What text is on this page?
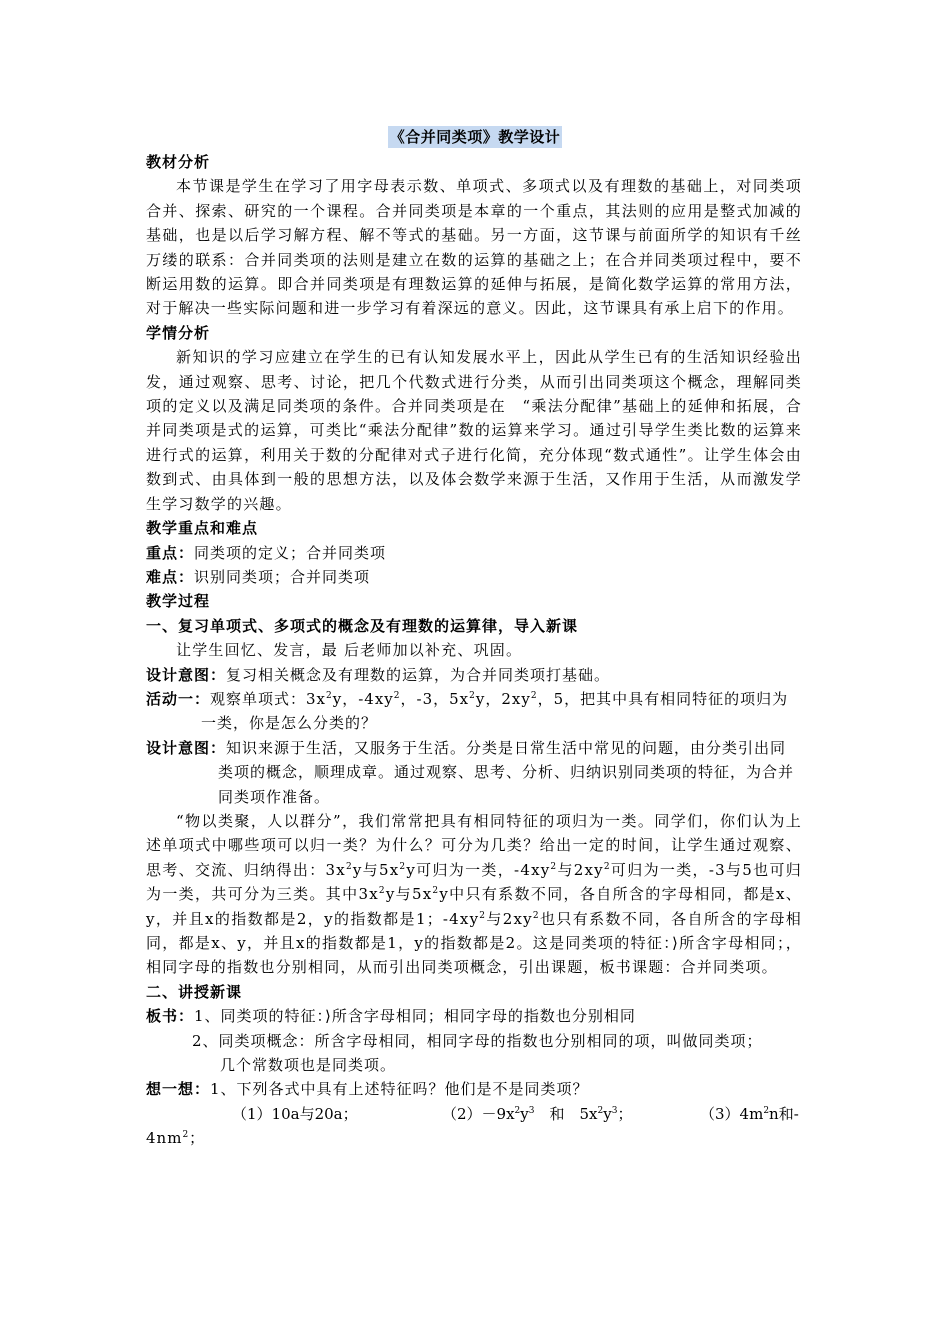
《合并同类项》教学设计
教材分析
本节课是学生在学习了用字母表示数、单项式、多项式以及有理数的基础上，对同类项合并、探索、研究的一个课程。合并同类项是本章的一个重点，其法则的应用是整式加减的基础，也是以后学习解方程、解不等式的基础。另一方面，这节课与前面所学的知识有千丝万缕的联系：合并同类项的法则是建立在数的运算的基础之上；在合并同类项过程中，要不断运用数的运算。即合并同类项是有理数运算的延伸与拓展，是简化数学运算的常用方法，对于解决一些实际问题和进一步学习有着深远的意义。因此，这节课具有承上启下的作用。
学情分析
新知识的学习应建立在学生的已有认知发展水平上，因此从学生已有的生活知识经验出发，通过观察、思考、讨论，把几个代数式进行分类，从而引出同类项这个概念，理解同类项的定义以及满足同类项的条件。合并同类项是在　“乘法分配律”基础上的延伸和拓展，合并同类项是式的运算，可类比“乘法分配律”数的运算来学习。通过引导学生类比数的运算来进行式的运算，利用关于数的分配律对式子进行化简，充分体现“数式通性”。让学生体会由数到式、由具体到一般的思想方法，以及体会数学来源于生活，又作用于生活，从而激发学生学习数学的兴趣。
教学重点和难点
重点：同类项的定义；合并同类项
难点：识别同类项；合并同类项
教学过程
一、复习单项式、多项式的概念及有理数的运算律，导入新课
让学生回忆、发言，最 后老师加以补充、巩固。
设计意图：复习相关概念及有理数的运算，为合并同类项打基础。
活动一：观察单项式：$3x^2y$，$-4xy^2$，-3，$5x^2y$，$2xy^2$，5，把其中具有相同特征的项归为一类，你是怎么分类的？
设计意图：知识来源于生活，又服务于生活。分类是日常生活中常见的问题，由分类引出同类项的概念，顺理成章。通过观察、思考、分析、归纳识别同类项的特征，为合并同类项作准备。
“物以类聚，人以群分”，我们常常把具有相同特征的项归为一类。同学们，你们认为上述单项式中哪些项可以归一类？为什么？可分为几类？给出一定的时间，让学生通过观察、思考、交流、归纳得出：$3x^2y$与$5x^2y$可归为一类，$-4xy^2$与$2xy^2$可归为一类，-3与5也可归为一类，共可分为三类。其中$3x^2y$与$5x^2y$中只有系数不同，各自所含的字母相同，都是x、y，并且x的指数都是2，y的指数都是1；$-4xy^2$与$2xy^2$也只有系数不同，各自所含的字母相同，都是x、y，并且x的指数都是1，y的指数都是2。这是同类项的特征：⟩所含字母相同；，相同字母的指数也分别相同，从而引出同类项概念，引出课题，板书课题：合并同类项。
二、讲授新课
板书：1、同类项的特征：⟩所含字母相同；相同字母的指数也分别相同
2、同类项概念：所含字母相同，相同字母的指数也分别相同的项，叫做同类项；
几个常数项也是同类项。
想一想：1、下列各式中具有上述特征吗？他们是不是同类项？
（1）10a与20a；	$(2)-9x^2y^3$　和　$5x^2y^3$；	$(3)4m^2n$和-
$4nm^2$；
